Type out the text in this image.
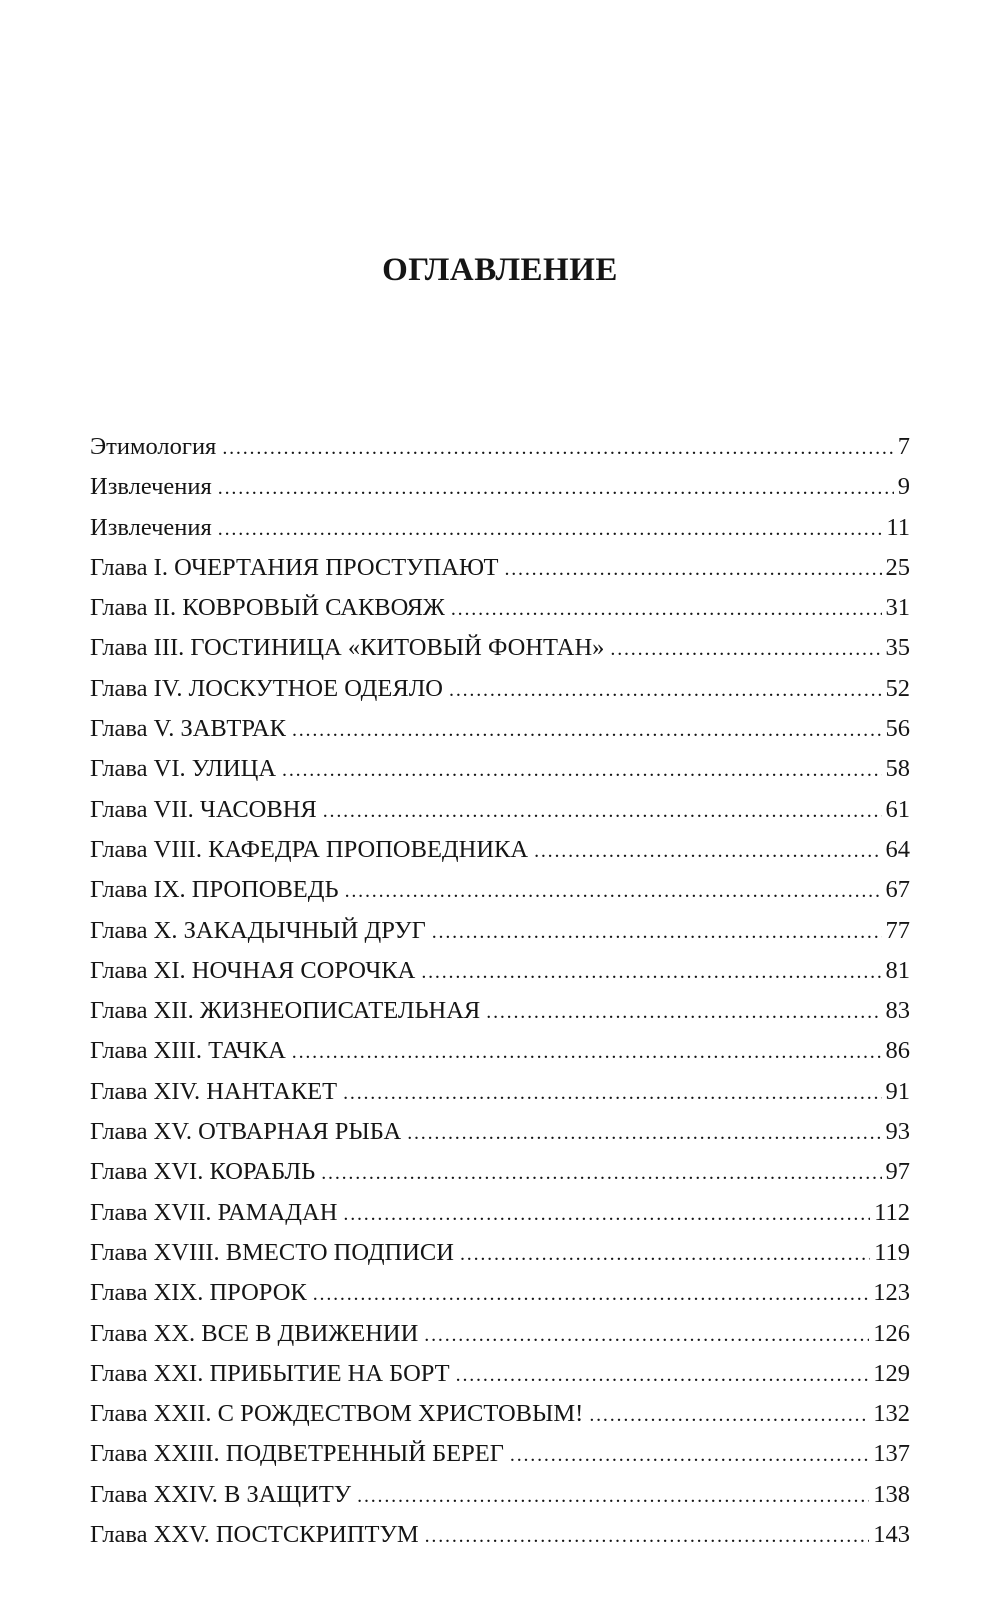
ОГЛАВЛЕНИЕ
Этимология . . .	7
Извлечения . . .	9
Извлечения . . .	11
Глава I. ОЧЕРТАНИЯ ПРОСТУПАЮТ . . .	25
Глава II. КОВРОВЫЙ САКВОЯЖ . . .	31
Глава III. ГОСТИНИЦА «КИТОВЫЙ ФОНТАН» . . .	35
Глава IV. ЛОСКУТНОЕ ОДЕЯЛО . . .	52
Глава V. ЗАВТРАК . . .	56
Глава VI. УЛИЦА . . .	58
Глава VII. ЧАСОВНЯ . . .	61
Глава VIII. КАФЕДРА ПРОПОВЕДНИКА . . .	64
Глава IX. ПРОПОВЕДЬ . . .	67
Глава X. ЗАКАДЫЧНЫЙ ДРУГ . . .	77
Глава XI. НОЧНАЯ СОРОЧКА . . .	81
Глава XII. ЖИЗНЕОПИСАТЕЛЬНАЯ . . .	83
Глава XIII. ТАЧКА . . .	86
Глава XIV. НАНТАКЕТ . . .	91
Глава XV. ОТВАРНАЯ РЫБА . . .	93
Глава XVI. КОРАБЛЬ . . .	97
Глава XVII. РАМАДАН . . .	112
Глава XVIII. ВМЕСТО ПОДПИСИ . . .	119
Глава XIX. ПРОРОК . . .	123
Глава XX. ВСЕ В ДВИЖЕНИИ . . .	126
Глава XXI. ПРИБЫТИЕ НА БОРТ . . .	129
Глава XXII. С РОЖДЕСТВОМ ХРИСТОВЫМ! . . .	132
Глава XXIII. ПОДВЕТРЕННЫЙ БЕРЕГ . . .	137
Глава XXIV. В ЗАЩИТУ . . .	138
Глава XXV. ПОСТСКРИПТУМ . . .	143
